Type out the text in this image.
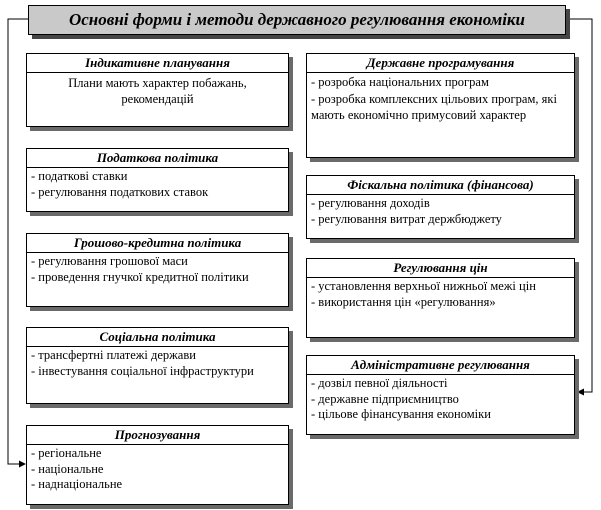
Основні форми і методи державного регулювання економіки
Індикативне планування
Плани мають характер побажань, рекомендацій
Податкова політика
- податкові ставки
- регулювання податкових ставок
Грошово-кредитна політика
- регулювання грошової маси
- проведення гнучкої кредитної політики
Соціальна політика
- трансфертні платежі держави
- інвестування соціальної інфраструктури
Прогнозування
- регіональне
- національне
- наднаціональне
Державне програмування
- розробка національних програм
- розробка комплексних цільових програм, які мають економічно примусовий характер
Фіскальна політика (фінансова)
- регулювання доходів
- регулювання витрат держбюджету
Регулювання цін
- установлення верхньої нижньої межі цін
- використання цін «регулювання»
Адміністративне регулювання
- дозвіл певної діяльності
- державне підприємництво
- цільове фінансування економіки
